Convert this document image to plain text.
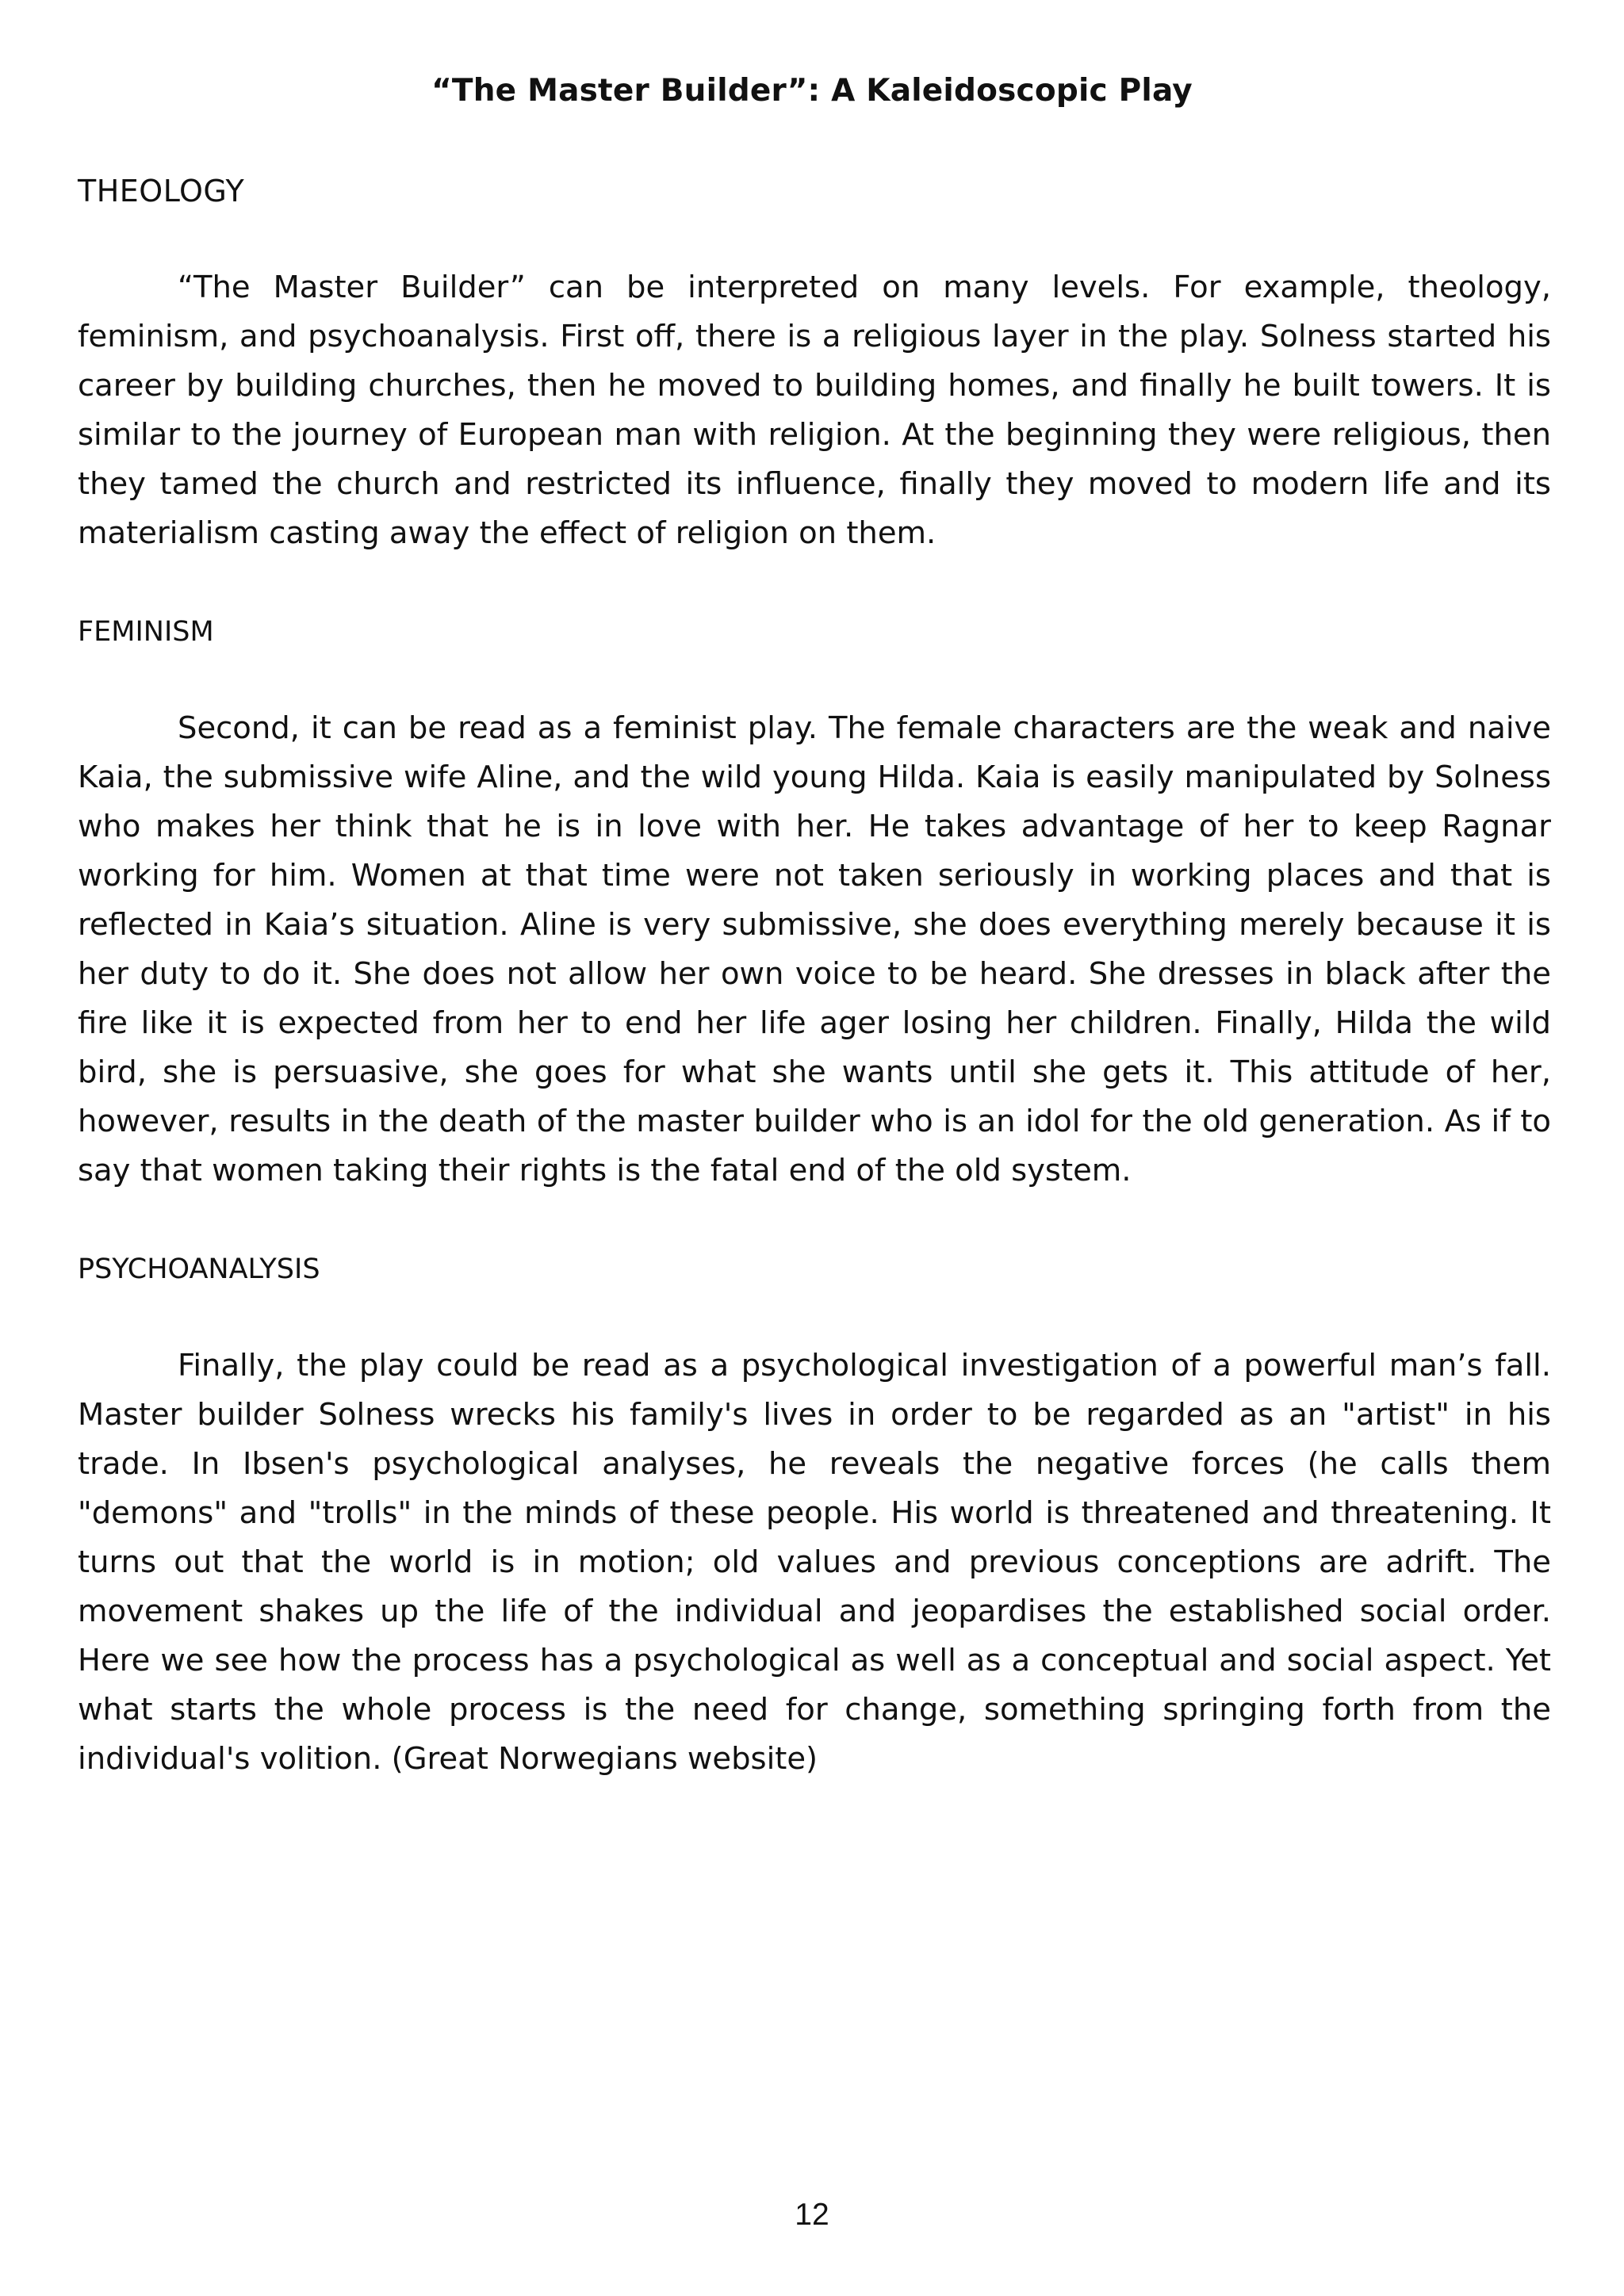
“The Master Builder”: A Kaleidoscopic Play

THEOLOGY

“The Master Builder” can be interpreted on many levels. For example, theology, feminism, and psychoanalysis. First off, there is a religious layer in the play. Solness started his career by building churches, then he moved to building homes, and finally he built towers. It is similar to the journey of European man with religion. At the beginning they were religious, then they tamed the church and restricted its influence, finally they moved to modern life and its materialism casting away the effect of religion on them.

FEMINISM

Second, it can be read as a feminist play. The female characters are the weak and naive Kaia, the submissive wife Aline, and the wild young Hilda. Kaia is easily manipulated by Solness who makes her think that he is in love with her. He takes advantage of her to keep Ragnar working for him. Women at that time were not taken seriously in working places and that is reflected in Kaia’s situation. Aline is very submissive, she does everything merely because it is her duty to do it. She does not allow her own voice to be heard. She dresses in black after the fire like it is expected from her to end her life ager losing her children. Finally, Hilda the wild bird, she is persuasive, she goes for what she wants until she gets it. This attitude of her, however, results in the death of the master builder who is an idol for the old generation. As if to say that women taking their rights is the fatal end of the old system.

PSYCHOANALYSIS

Finally, the play could be read as a psychological investigation of a powerful man’s fall. Master builder Solness wrecks his family's lives in order to be regarded as an "artist" in his trade. In Ibsen's psychological analyses, he reveals the negative forces (he calls them "demons" and "trolls" in the minds of these people. His world is threatened and threatening. It turns out that the world is in motion; old values and previous conceptions are adrift. The movement shakes up the life of the individual and jeopardises the established social order. Here we see how the process has a psychological as well as a conceptual and social aspect. Yet what starts the whole process is the need for change, something springing forth from the individual's volition. (Great Norwegians website)

12
